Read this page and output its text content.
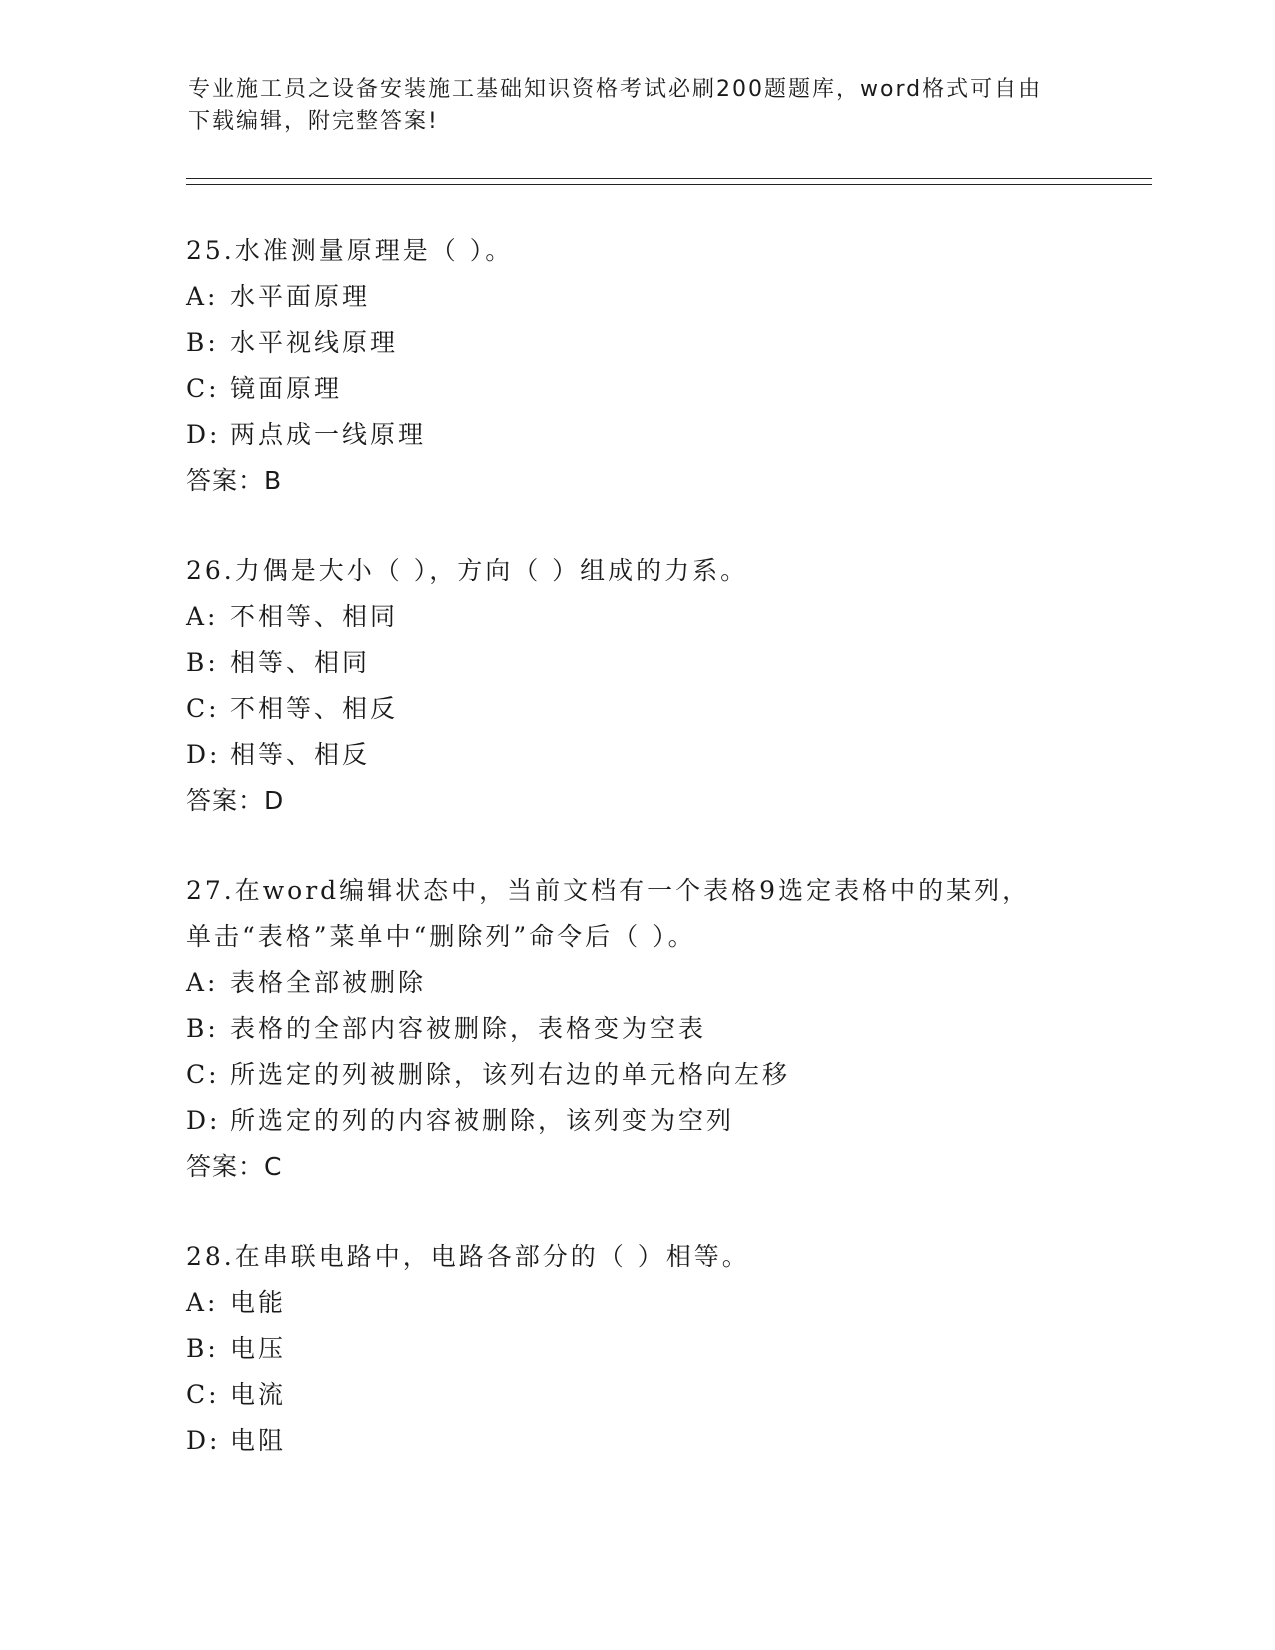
专业施工员之设备安装施工基础知识资格考试必刷200题题库，word格式可自由
下载编辑，附完整答案!
25.水准测量原理是（ ）。
A: 水平面原理
B: 水平视线原理
C: 镜面原理
D: 两点成一线原理
答案：B
26.力偶是大小（ ），方向（ ）组成的力系。
A: 不相等、相同
B: 相等、相同
C: 不相等、相反
D: 相等、相反
答案：D
27.在word编辑状态中，当前文档有一个表格9选定表格中的某列，
单击“表格”菜单中“删除列”命令后（ ）。
A: 表格全部被删除
B: 表格的全部内容被删除，表格变为空表
C: 所选定的列被删除，该列右边的单元格向左移
D: 所选定的列的内容被删除，该列变为空列
答案：C
28.在串联电路中，电路各部分的（ ）相等。
A: 电能
B: 电压
C: 电流
D: 电阻
